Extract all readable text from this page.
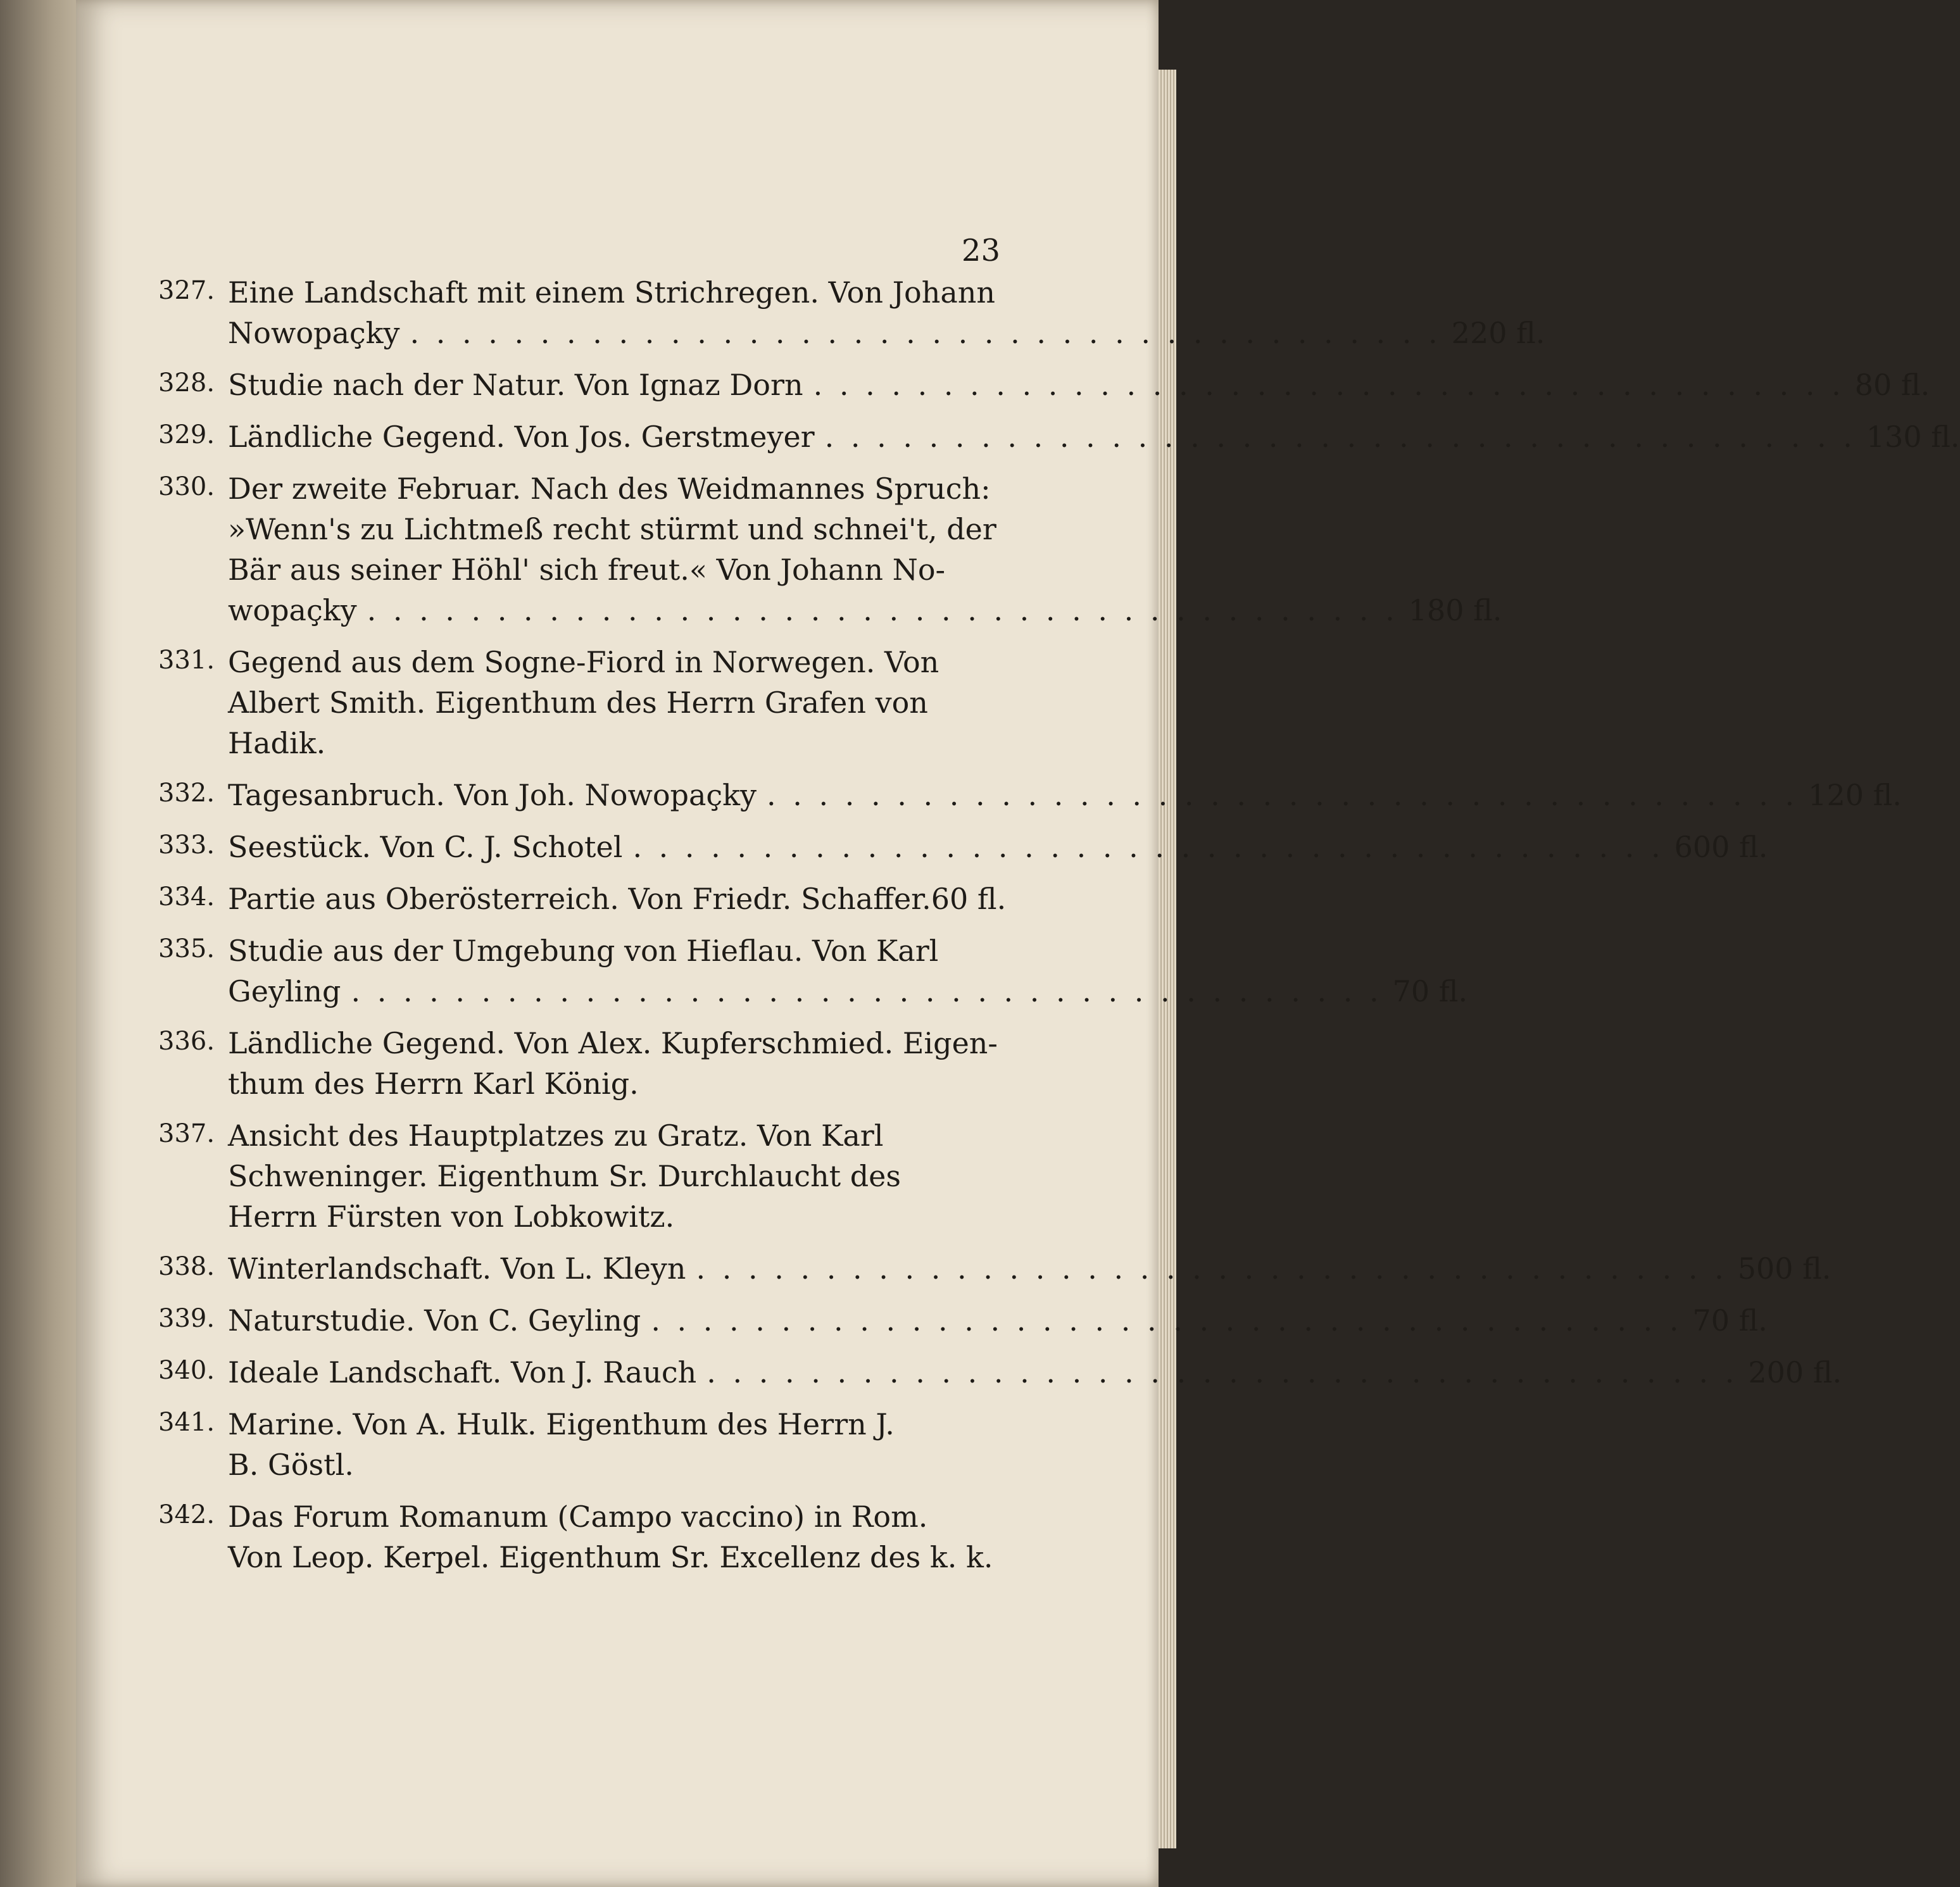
23
327. Eine Landschaft mit einem Strichregen. Von Johann
Nowopaçky . . . . . . . . . . . . . . . . . . . . . . . . . . . . . . . . . . . . . . . . 220 fl.
328. Studie nach der Natur. Von Ignaz Dorn . . . . . . . . . . . . . . . . . . . . . . . . . . . . . . . . . . . . . . . . 80 fl.
329. Ländliche Gegend. Von Jos. Gerstmeyer . . . . . . . . . . . . . . . . . . . . . . . . . . . . . . . . . . . . . . . . 130 fl.
330. Der zweite Februar. Nach des Weidmannes Spruch:
»Wenn's zu Lichtmeß recht stürmt und schnei't, der
Bär aus seiner Höhl' sich freut.« Von Johann No-
wopaçky . . . . . . . . . . . . . . . . . . . . . . . . . . . . . . . . . . . . . . . . 180 fl.
331. Gegend aus dem Sogne-Fiord in Norwegen. Von
Albert Smith. Eigenthum des Herrn Grafen von
Hadik.
332. Tagesanbruch. Von Joh. Nowopaçky . . . . . . . . . . . . . . . . . . . . . . . . . . . . . . . . . . . . . . . . 120 fl.
333. Seestück. Von C. J. Schotel . . . . . . . . . . . . . . . . . . . . . . . . . . . . . . . . . . . . . . . . 600 fl.
334. Partie aus Oberösterreich. Von Friedr. Schaffer. 60 fl.
335. Studie aus der Umgebung von Hieflau. Von Karl
Geyling . . . . . . . . . . . . . . . . . . . . . . . . . . . . . . . . . . . . . . . . 70 fl.
336. Ländliche Gegend. Von Alex. Kupferschmied. Eigen-
thum des Herrn Karl König.
337. Ansicht des Hauptplatzes zu Gratz. Von Karl
Schweninger. Eigenthum Sr. Durchlaucht des
Herrn Fürsten von Lobkowitz.
338. Winterlandschaft. Von L. Kleyn . . . . . . . . . . . . . . . . . . . . . . . . . . . . . . . . . . . . . . . . 500 fl.
339. Naturstudie. Von C. Geyling . . . . . . . . . . . . . . . . . . . . . . . . . . . . . . . . . . . . . . . . 70 fl.
340. Ideale Landschaft. Von J. Rauch . . . . . . . . . . . . . . . . . . . . . . . . . . . . . . . . . . . . . . . . 200 fl.
341. Marine. Von A. Hulk. Eigenthum des Herrn J.
B. Göstl.
342. Das Forum Romanum (Campo vaccino) in Rom.
Von Leop. Kerpel. Eigenthum Sr. Excellenz des k. k.
